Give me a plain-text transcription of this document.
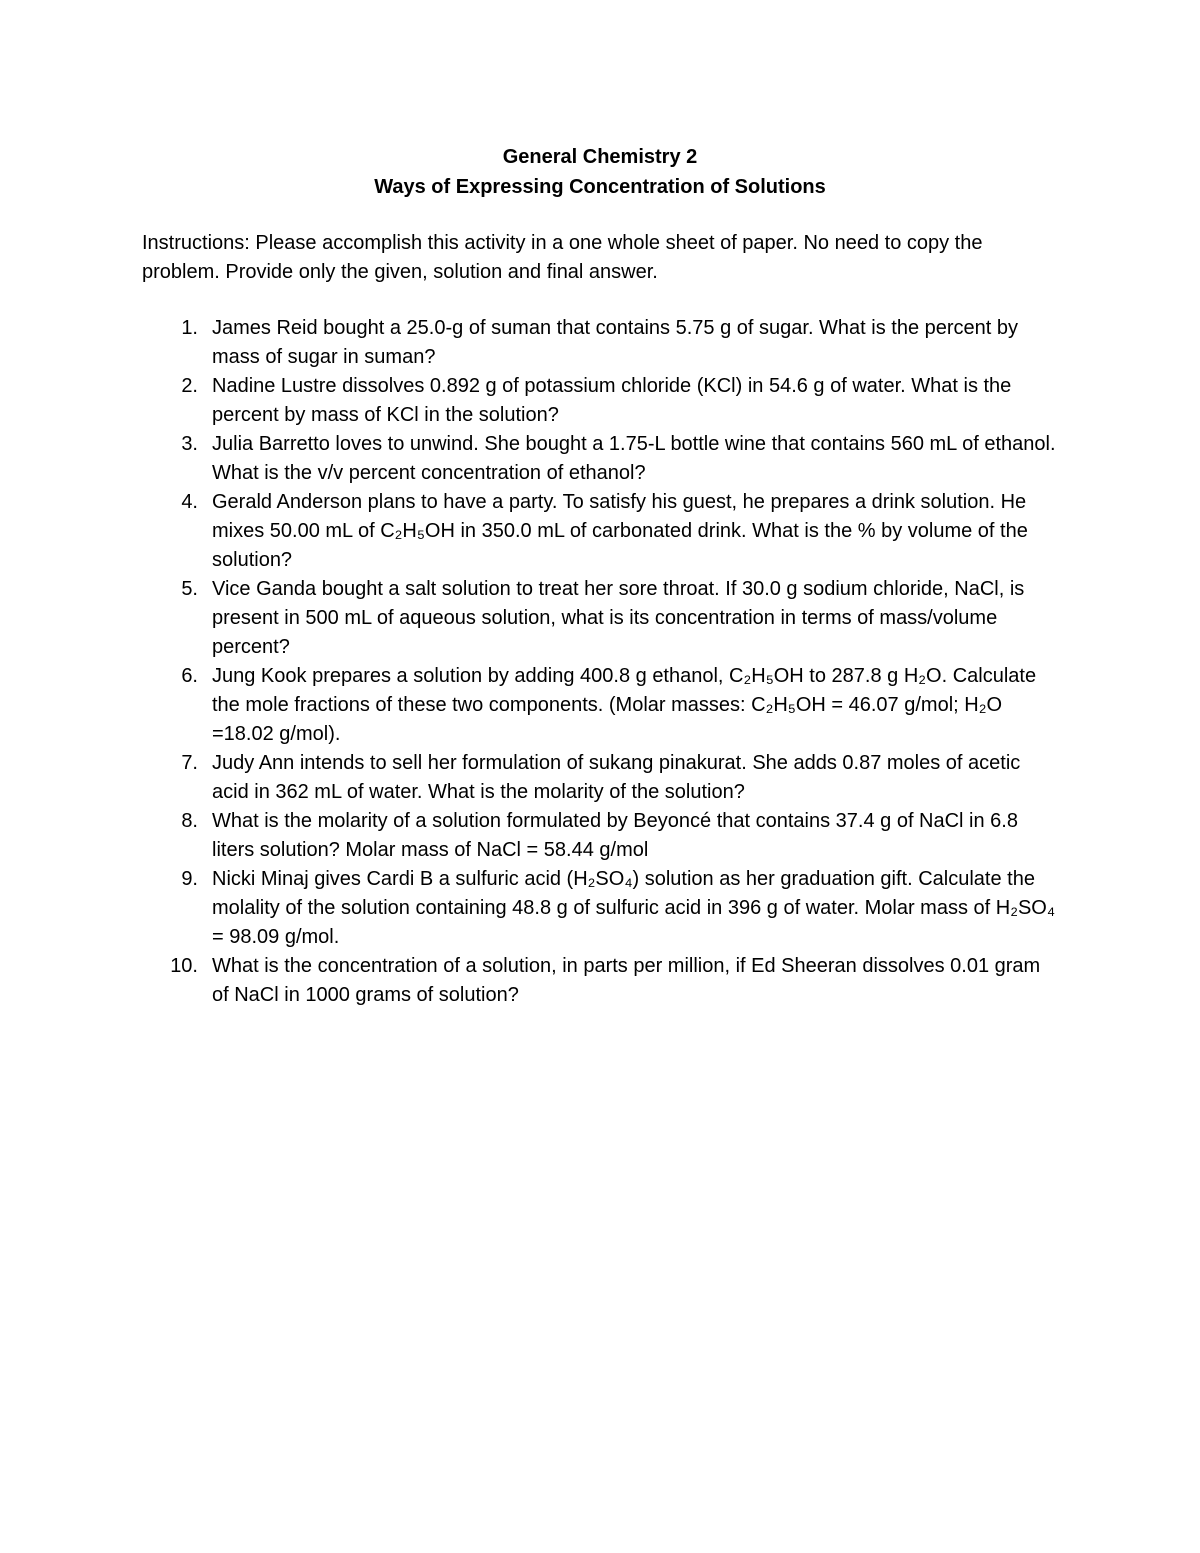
General Chemistry 2
Ways of Expressing Concentration of Solutions
Instructions: Please accomplish this activity in a one whole sheet of paper. No need to copy the problem. Provide only the given, solution and final answer.
1. James Reid bought a 25.0-g of suman that contains 5.75 g of sugar. What is the percent by mass of sugar in suman?
2. Nadine Lustre dissolves 0.892 g of potassium chloride (KCl) in 54.6 g of water. What is the percent by mass of KCl in the solution?
3. Julia Barretto loves to unwind. She bought a 1.75-L bottle wine that contains 560 mL of ethanol. What is the v/v percent concentration of ethanol?
4. Gerald Anderson plans to have a party. To satisfy his guest, he prepares a drink solution. He mixes 50.00 mL of C₂H₅OH in 350.0 mL of carbonated drink. What is the % by volume of the solution?
5. Vice Ganda bought a salt solution to treat her sore throat. If 30.0 g sodium chloride, NaCl, is present in 500 mL of aqueous solution, what is its concentration in terms of mass/volume percent?
6. Jung Kook prepares a solution by adding 400.8 g ethanol, C₂H₅OH to 287.8 g H₂O. Calculate the mole fractions of these two components. (Molar masses: C₂H₅OH = 46.07 g/mol; H₂O =18.02 g/mol).
7. Judy Ann intends to sell her formulation of sukang pinakurat. She adds 0.87 moles of acetic acid in 362 mL of water. What is the molarity of the solution?
8. What is the molarity of a solution formulated by Beyoncé that contains 37.4 g of NaCl in 6.8 liters solution? Molar mass of NaCl = 58.44 g/mol
9. Nicki Minaj gives Cardi B a sulfuric acid (H₂SO₄) solution as her graduation gift. Calculate the molality of the solution containing 48.8 g of sulfuric acid in 396 g of water. Molar mass of H₂SO₄ = 98.09 g/mol.
10. What is the concentration of a solution, in parts per million, if Ed Sheeran dissolves 0.01 gram of NaCl in 1000 grams of solution?
